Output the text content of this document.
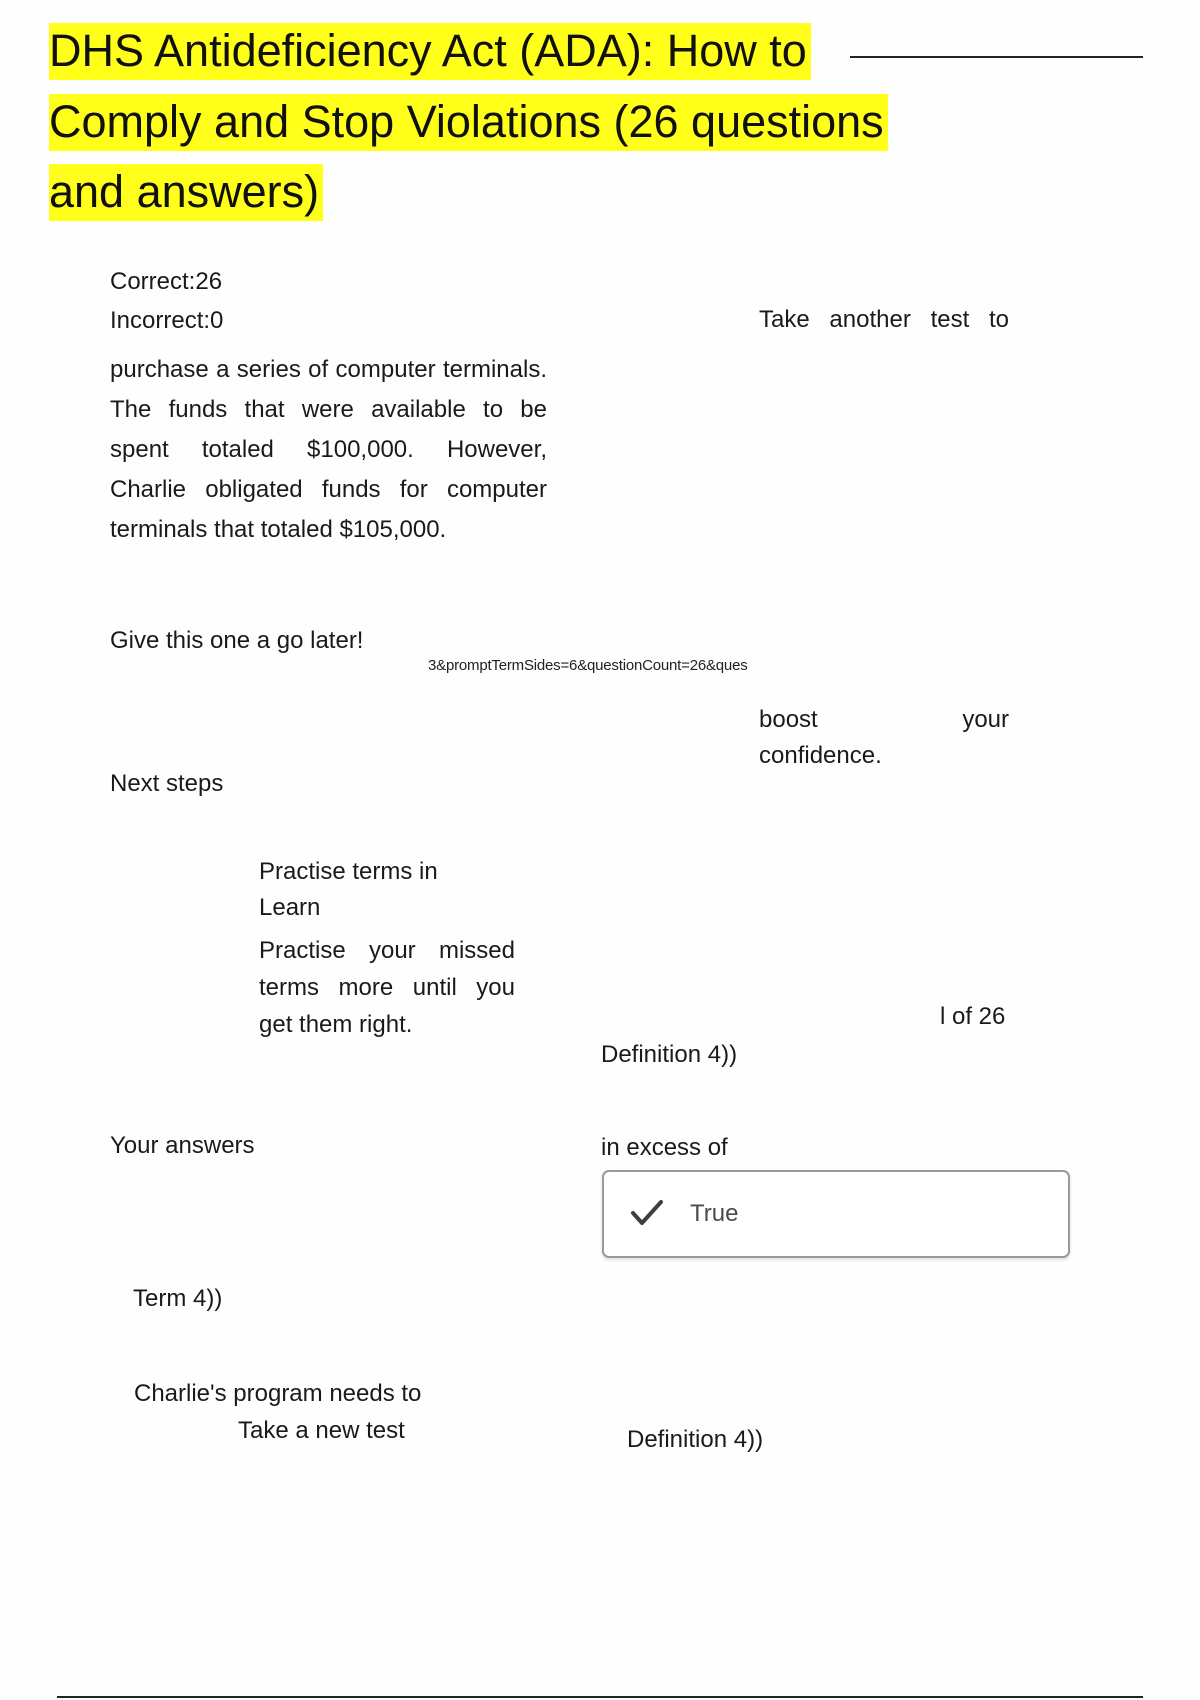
DHS Antideficiency Act (ADA): How to
Comply and Stop Violations (26 questions
and answers)
Correct:26
Incorrect:0	Take another test to
purchase a series of computer terminals. The funds that were available to be spent totaled $100,000. However, Charlie obligated funds for computer terminals that totaled $105,000.
Give this one a go later!
3&promptTermSides=6&questionCount=26&ques
boost	your
confidence.
Next steps
Practise terms in
Learn
Practise your missed terms more until you get them right.	l of 26
Definition 4))
Your answers	in excess of
True
Term 4))
Charlie's program needs to
Take a new test	Definition 4))
